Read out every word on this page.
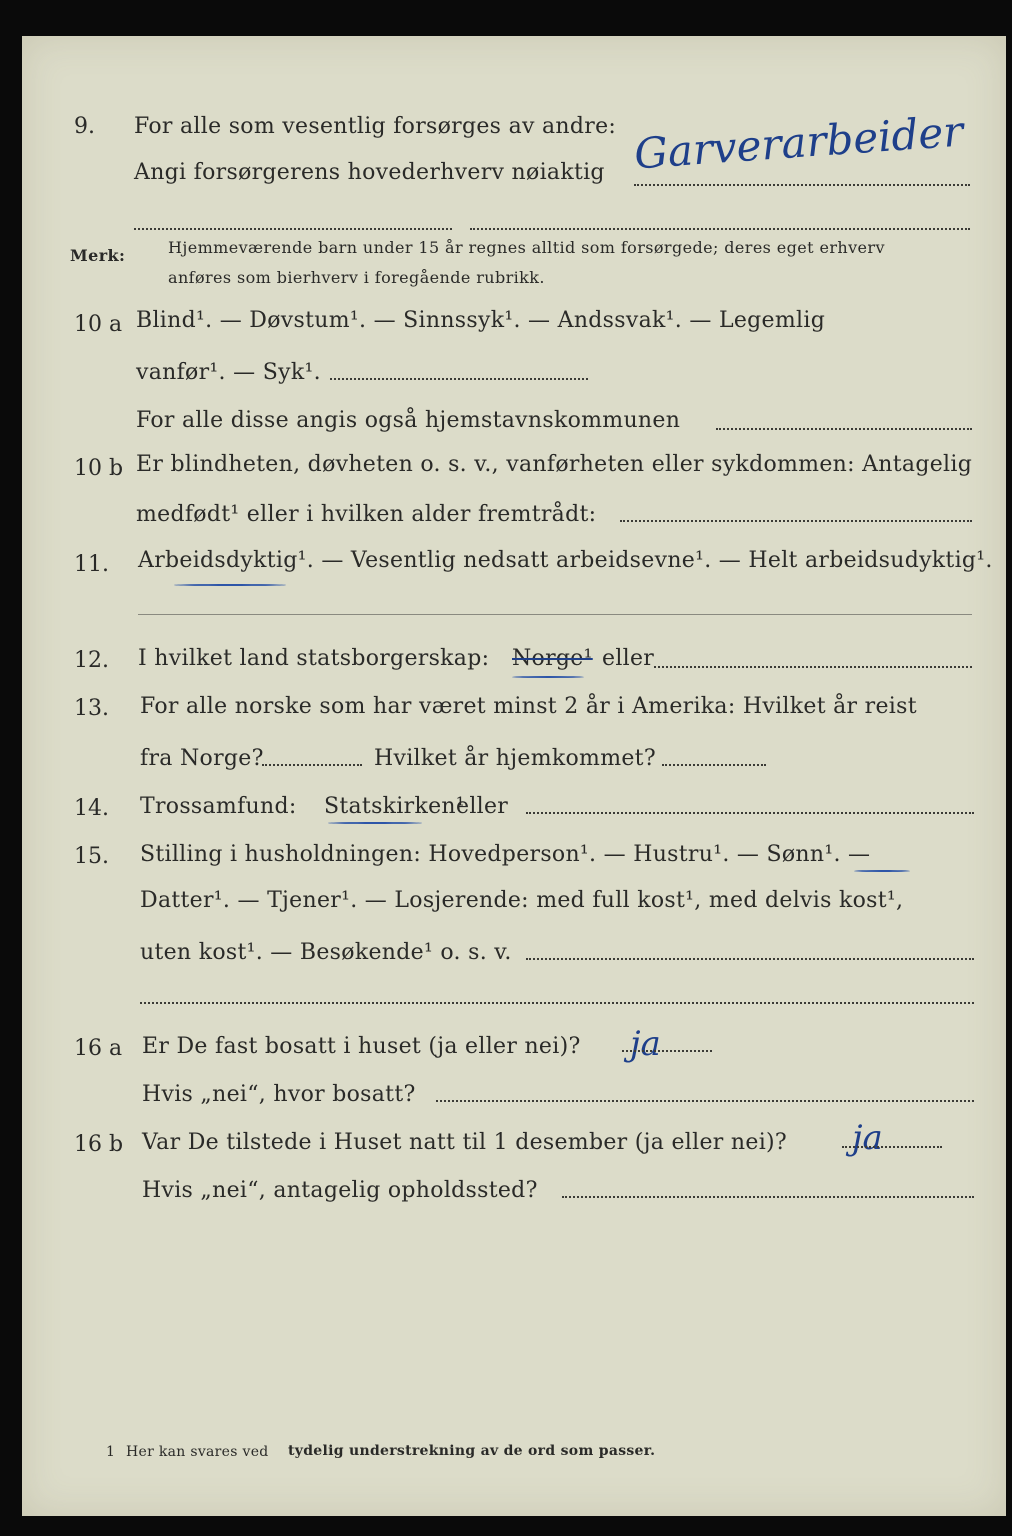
9. For alle som vesentlig forsørges av andre: Garverarbeider
Angi forsørgerens hovederhverv nøiaktig
Merk:	Hjemmeværende barn under 15 år regnes alltid som forsørgede; deres eget erhverv
anføres som bierhverv i foregående rubrikk.
10 a Blind¹. — Døvstum¹. — Sinnssyk¹. — Andssvak¹. — Legemlig
vanfør¹. — Syk¹.
For alle disse angis også hjemstavnskommunen
10 b Er blindheten, døvheten o. s. v., vanførheten eller sykdommen: Antagelig
medfødt¹ eller i hvilken alder fremtrådt:
11. Arbeidsdyktig¹. — Vesentlig nedsatt arbeidsevne¹. — Helt arbeidsudyktig¹.
12. I hvilket land statsborgerskap: Norge¹ eller
13. For alle norske som har været minst 2 år i Amerika: Hvilket år reist
fra Norge?	Hvilket år hjemkommet?
14. Trossamfund: Statskirken¹
eller
15. Stilling i husholdningen: Hovedperson¹. — Hustru¹. — Sønn¹. —
Datter¹. — Tjener¹. — Losjerende: med full kost¹, med delvis kost¹,
uten kost¹. — Besøkende¹ o. s. v.
16 a Er De fast bosatt i huset (ja eller nei)? ja
Hvis „nei“, hvor bosatt?
16 b Var De tilstede i Huset natt til 1 desember (ja eller nei)? ja
Hvis „nei“, antagelig opholdssted?
1 Her kan svares ved tydelig understrekning av de ord som passer.
